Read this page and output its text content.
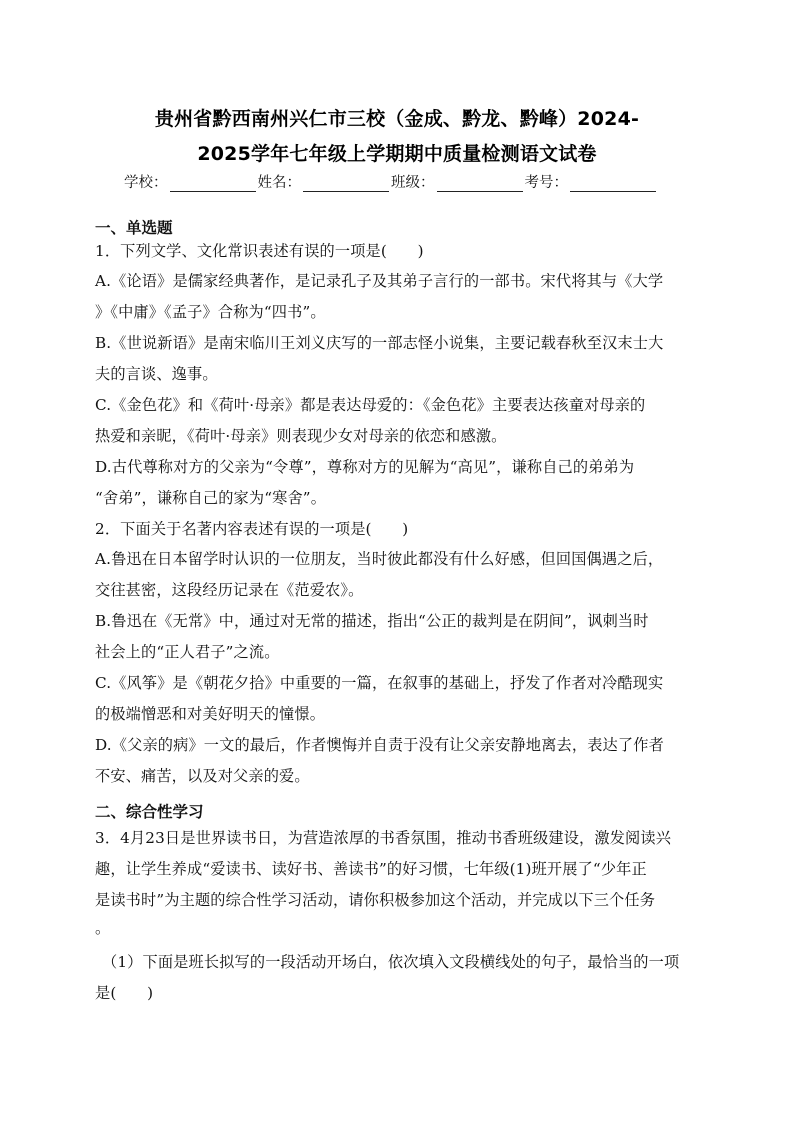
贵州省黔西南州兴仁市三校（金成、黔龙、黔峰）2024-
2025学年七年级上学期期中质量检测语文试卷
学校：	姓名：	班级：	考号：
一、单选题
1．下列文学、文化常识表述有误的一项是(　　)
A.《论语》是儒家经典著作，是记录孔子及其弟子言行的一部书。宋代将其与《大学
》《中庸》《孟子》合称为“四书”。
B.《世说新语》是南宋临川王刘义庆写的一部志怪小说集，主要记载春秋至汉末士大
夫的言谈、逸事。
C.《金色花》和《荷叶·母亲》都是表达母爱的：《金色花》主要表达孩童对母亲的
热爱和亲昵，《荷叶·母亲》则表现少女对母亲的依恋和感激。
D.古代尊称对方的父亲为“令尊”，尊称对方的见解为“高见”，谦称自己的弟弟为
“舍弟”，谦称自己的家为“寒舍”。
2．下面关于名著内容表述有误的一项是(　　)
A.鲁迅在日本留学时认识的一位朋友，当时彼此都没有什么好感，但回国偶遇之后，
交往甚密，这段经历记录在《范爱农》。
B.鲁迅在《无常》中，通过对无常的描述，指出“公正的裁判是在阴间”，讽刺当时
社会上的“正人君子”之流。
C.《风筝》是《朝花夕拾》中重要的一篇，在叙事的基础上，抒发了作者对冷酷现实
的极端憎恶和对美好明天的憧憬。
D.《父亲的病》一文的最后，作者懊悔并自责于没有让父亲安静地离去，表达了作者
不安、痛苦，以及对父亲的爱。
二、综合性学习
3．4月23日是世界读书日，为营造浓厚的书香氛围，推动书香班级建设，激发阅读兴
趣，让学生养成“爱读书、读好书、善读书”的好习惯，七年级(1)班开展了“少年正
是读书时”为主题的综合性学习活动，请你积极参加这个活动，并完成以下三个任务
。
（1）下面是班长拟写的一段活动开场白，依次填入文段横线处的句子，最恰当的一项
是(　　)
